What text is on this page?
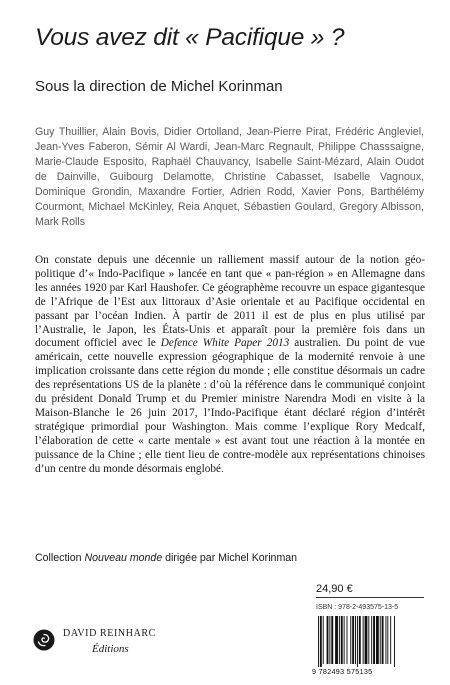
Vous avez dit « Pacifique » ?
Sous la direction de Michel Korinman
Guy Thuillier, Alain Bovis, Didier Ortolland, Jean-Pierre Pirat, Frédéric Angleviel, Jean-Yves Faberon, Sémir Al Wardi, Jean-Marc Regnault, Philippe Chasssaigne, Marie-Claude Esposito, Raphaël Chauvancy, Isabelle Saint-Mézard, Alain Oudot de Dainville, Guibourg Delamotte, Christine Cabasset, Isabelle Vagnoux, Dominique Grondin, Maxandre Fortier, Adrien Rodd, Xavier Pons, Barthélémy Courmont, Michael McKinley, Reia Anquet, Sébastien Goulard, Gregory Albisson, Mark Rolls
On constate depuis une décennie un ralliement massif autour de la notion géo-politique d’« Indo-Pacifique » lancée en tant que « pan-région » en Allemagne dans les années 1920 par Karl Haushofer. Ce géographème recouvre un espace gigantesque de l’Afrique de l’Est aux littoraux d’Asie orientale et au Pacifique occidental en passant par l’océan Indien. À partir de 2011 il est de plus en plus utilisé par l’Australie, le Japon, les États-Unis et apparaît pour la première fois dans un document officiel avec le Defence White Paper 2013 australien. Du point de vue américain, cette nouvelle expression géographique de la modernité renvoie à une implication croissante dans cette région du monde ; elle constitue désormais un cadre des représentations US de la planète : d’où la référence dans le communiqué conjoint du président Donald Trump et du Premier ministre Narendra Modi en visite à la Maison-Blanche le 26 juin 2017, l’Indo-Pacifique étant déclaré région d’intérêt stratégique primordial pour Washington. Mais comme l’explique Rory Medcalf, l’élaboration de cette « carte mentale » est avant tout une réaction à la montée en puissance de la Chine ; elle tient lieu de contre-modèle aux représentations chinoises d’un centre du monde désormais englobé.
Collection Nouveau monde dirigée par Michel Korinman
24,90 €
ISBN : 978-2-493575-13-5
9 782493 575135
DAVID REINHARC
Éditions
